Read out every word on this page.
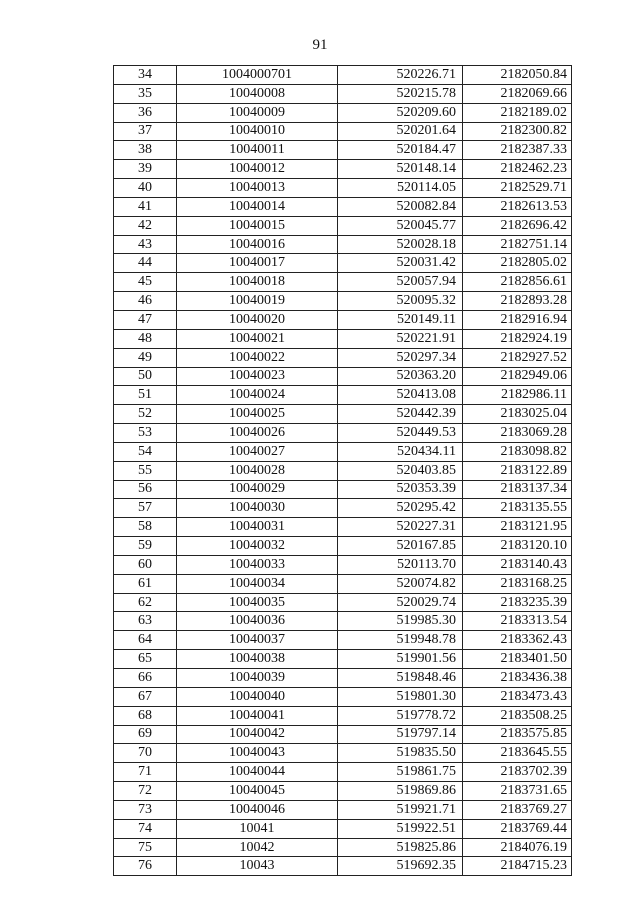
91
34	1004000701	520226.71	2182050.84
35	10040008	520215.78	2182069.66
36	10040009	520209.60	2182189.02
37	10040010	520201.64	2182300.82
38	10040011	520184.47	2182387.33
39	10040012	520148.14	2182462.23
40	10040013	520114.05	2182529.71
41	10040014	520082.84	2182613.53
42	10040015	520045.77	2182696.42
43	10040016	520028.18	2182751.14
44	10040017	520031.42	2182805.02
45	10040018	520057.94	2182856.61
46	10040019	520095.32	2182893.28
47	10040020	520149.11	2182916.94
48	10040021	520221.91	2182924.19
49	10040022	520297.34	2182927.52
50	10040023	520363.20	2182949.06
51	10040024	520413.08	2182986.11
52	10040025	520442.39	2183025.04
53	10040026	520449.53	2183069.28
54	10040027	520434.11	2183098.82
55	10040028	520403.85	2183122.89
56	10040029	520353.39	2183137.34
57	10040030	520295.42	2183135.55
58	10040031	520227.31	2183121.95
59	10040032	520167.85	2183120.10
60	10040033	520113.70	2183140.43
61	10040034	520074.82	2183168.25
62	10040035	520029.74	2183235.39
63	10040036	519985.30	2183313.54
64	10040037	519948.78	2183362.43
65	10040038	519901.56	2183401.50
66	10040039	519848.46	2183436.38
67	10040040	519801.30	2183473.43
68	10040041	519778.72	2183508.25
69	10040042	519797.14	2183575.85
70	10040043	519835.50	2183645.55
71	10040044	519861.75	2183702.39
72	10040045	519869.86	2183731.65
73	10040046	519921.71	2183769.27
74	10041	519922.51	2183769.44
75	10042	519825.86	2184076.19
76	10043	519692.35	2184715.23
